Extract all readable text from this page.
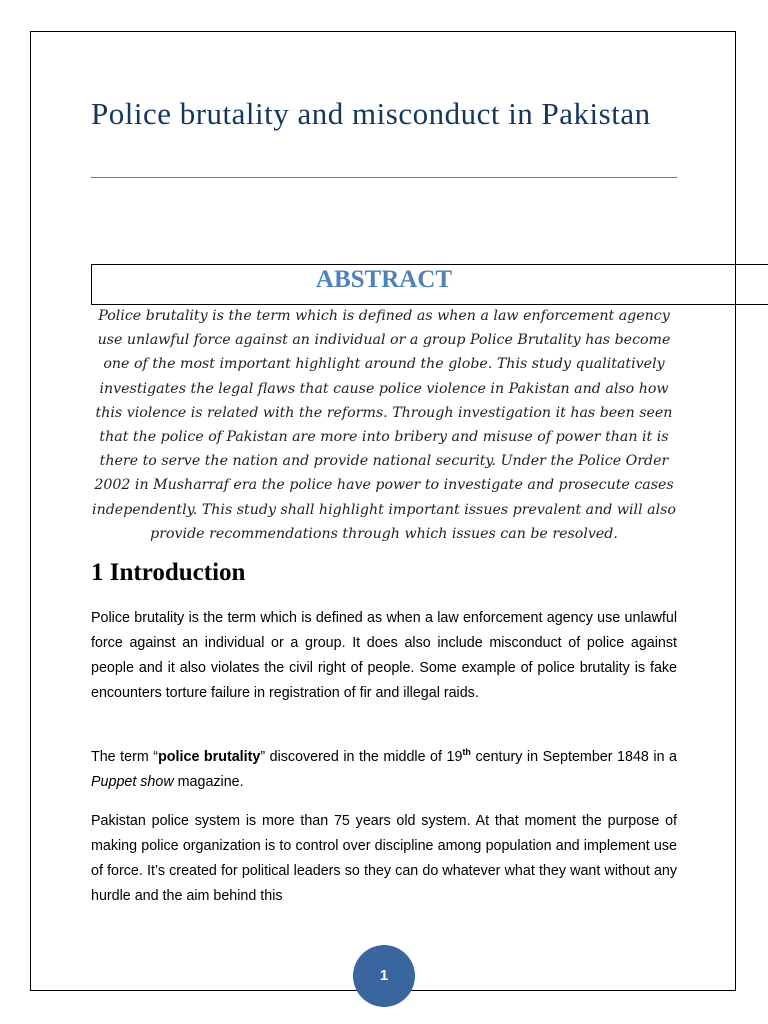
Police brutality and misconduct in Pakistan
ABSTRACT

Police brutality is the term which is defined as when a law enforcement agency use unlawful force against an individual or a group Police Brutality has become one of the most important highlight around the globe. This study qualitatively investigates the legal flaws that cause police violence in Pakistan and also how this violence is related with the reforms. Through investigation it has been seen that the police of Pakistan are more into bribery and misuse of power than it is there to serve the nation and provide national security. Under the Police Order 2002 in Musharraf era the police have power to investigate and prosecute cases independently. This study shall highlight important issues prevalent and will also provide recommendations through which issues can be resolved.

1 Introduction

Police brutality is the term which is defined as when a law enforcement agency use unlawful force against an individual or a group. It does also include misconduct of police against people and it also violates the civil right of people. Some example of police brutality is fake encounters torture failure in registration of fir and illegal raids.

The term “police brutality” discovered in the middle of 19th century in September 1848 in a Puppet show magazine.

Pakistan police system is more than 75 years old system. At that moment the purpose of making police organization is to control over discipline among population and implement use of force. It’s created for political leaders so they can do whatever what they want without any hurdle and the aim behind this

1
